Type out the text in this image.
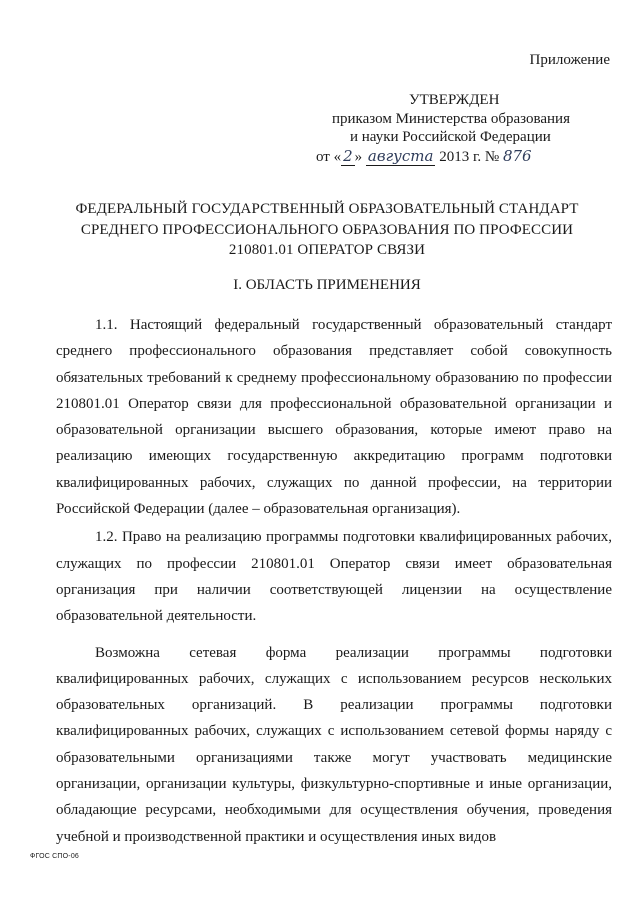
Приложение
УТВЕРЖДЕН
приказом Министерства образования
и науки Российской Федерации
от « 2 » августа 2013 г. № 876
ФЕДЕРАЛЬНЫЙ ГОСУДАРСТВЕННЫЙ ОБРАЗОВАТЕЛЬНЫЙ СТАНДАРТ
СРЕДНЕГО ПРОФЕССИОНАЛЬНОГО ОБРАЗОВАНИЯ ПО ПРОФЕССИИ
210801.01 ОПЕРАТОР СВЯЗИ
I. ОБЛАСТЬ ПРИМЕНЕНИЯ

1.1. Настоящий федеральный государственный образовательный стандарт среднего профессионального образования представляет собой совокупность обязательных требований к среднему профессиональному образованию по профессии 210801.01 Оператор связи для профессиональной образовательной организации и образовательной организации высшего образования, которые имеют право на реализацию имеющих государственную аккредитацию программ подготовки квалифицированных рабочих, служащих по данной профессии, на территории Российской Федерации (далее – образовательная организация).

1.2. Право на реализацию программы подготовки квалифицированных рабочих, служащих по профессии 210801.01 Оператор связи имеет образовательная организация при наличии соответствующей лицензии на осуществление образовательной деятельности.

Возможна сетевая форма реализации программы подготовки квалифицированных рабочих, служащих с использованием ресурсов нескольких образовательных организаций. В реализации программы подготовки квалифицированных рабочих, служащих с использованием сетевой формы наряду с образовательными организациями также могут участвовать медицинские организации, организации культуры, физкультурно-спортивные и иные организации, обладающие ресурсами, необходимыми для осуществления обучения, проведения учебной и производственной практики и осуществления иных видов

ФГОС СПО-06
